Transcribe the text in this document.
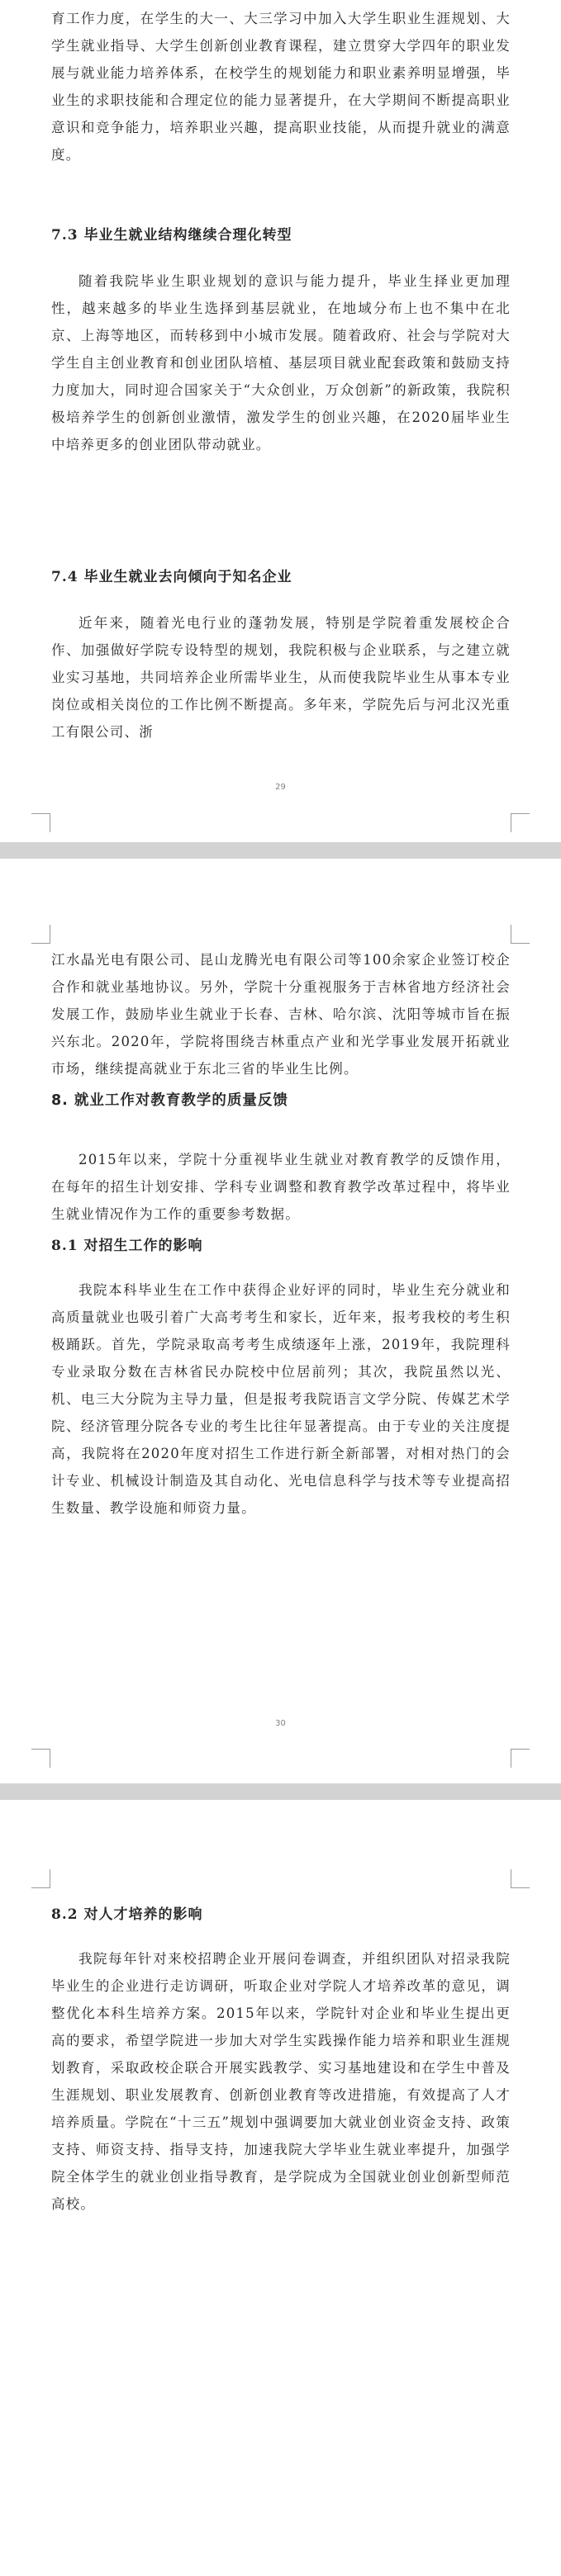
育工作力度，在学生的大一、大三学习中加入大学生职业生涯规划、大学生就业指导、大学生创新创业教育课程，建立贯穿大学四年的职业发展与就业能力培养体系，在校学生的规划能力和职业素养明显增强，毕业生的求职技能和合理定位的能力显著提升，在大学期间不断提高职业意识和竞争能力，培养职业兴趣，提高职业技能，从而提升就业的满意度。

7.3 毕业生就业结构继续合理化转型

随着我院毕业生职业规划的意识与能力提升，毕业生择业更加理性，越来越多的毕业生选择到基层就业，在地域分布上也不集中在北京、上海等地区，而转移到中小城市发展。随着政府、社会与学院对大学生自主创业教育和创业团队培植、基层项目就业配套政策和鼓励支持力度加大，同时迎合国家关于“大众创业，万众创新”的新政策，我院积极培养学生的创新创业激情，激发学生的创业兴趣，在2020届毕业生中培养更多的创业团队带动就业。

7.4 毕业生就业去向倾向于知名企业

近年来，随着光电行业的蓬勃发展，特别是学院着重发展校企合作、加强做好学院专设特型的规划，我院积极与企业联系，与之建立就业实习基地，共同培养企业所需毕业生，从而使我院毕业生从事本专业岗位或相关岗位的工作比例不断提高。多年来，学院先后与河北汉光重工有限公司、浙

29

江水晶光电有限公司、昆山龙腾光电有限公司等100余家企业签订校企合作和就业基地协议。另外，学院十分重视服务于吉林省地方经济社会发展工作，鼓励毕业生就业于长春、吉林、哈尔滨、沈阳等城市旨在振兴东北。2020年，学院将围绕吉林重点产业和光学事业发展开拓就业市场，继续提高就业于东北三省的毕业生比例。

8. 就业工作对教育教学的质量反馈

2015年以来，学院十分重视毕业生就业对教育教学的反馈作用，在每年的招生计划安排、学科专业调整和教育教学改革过程中，将毕业生就业情况作为工作的重要参考数据。

8.1 对招生工作的影响

我院本科毕业生在工作中获得企业好评的同时，毕业生充分就业和高质量就业也吸引着广大高考考生和家长，近年来，报考我校的考生积极踊跃。首先，学院录取高考考生成绩逐年上涨，2019年，我院理科专业录取分数在吉林省民办院校中位居前列；其次，我院虽然以光、机、电三大分院为主导力量，但是报考我院语言文学分院、传媒艺术学院、经济管理分院各专业的考生比往年显著提高。由于专业的关注度提高，我院将在2020年度对招生工作进行新全新部署，对相对热门的会计专业、机械设计制造及其自动化、光电信息科学与技术等专业提高招生数量、教学设施和师资力量。

30
8.2 对人才培养的影响

我院每年针对来校招聘企业开展问卷调查，并组织团队对招录我院毕业生的企业进行走访调研，听取企业对学院人才培养改革的意见，调整优化本科生培养方案。2015年以来，学院针对企业和毕业生提出更高的要求，希望学院进一步加大对学生实践操作能力培养和职业生涯规划教育，采取政校企联合开展实践教学、实习基地建设和在学生中普及生涯规划、职业发展教育、创新创业教育等改进措施，有效提高了人才培养质量。学院在“十三五”规划中强调要加大就业创业资金支持、政策支持、师资支持、指导支持，加速我院大学毕业生就业率提升，加强学院全体学生的就业创业指导教育，是学院成为全国就业创业创新型师范高校。
